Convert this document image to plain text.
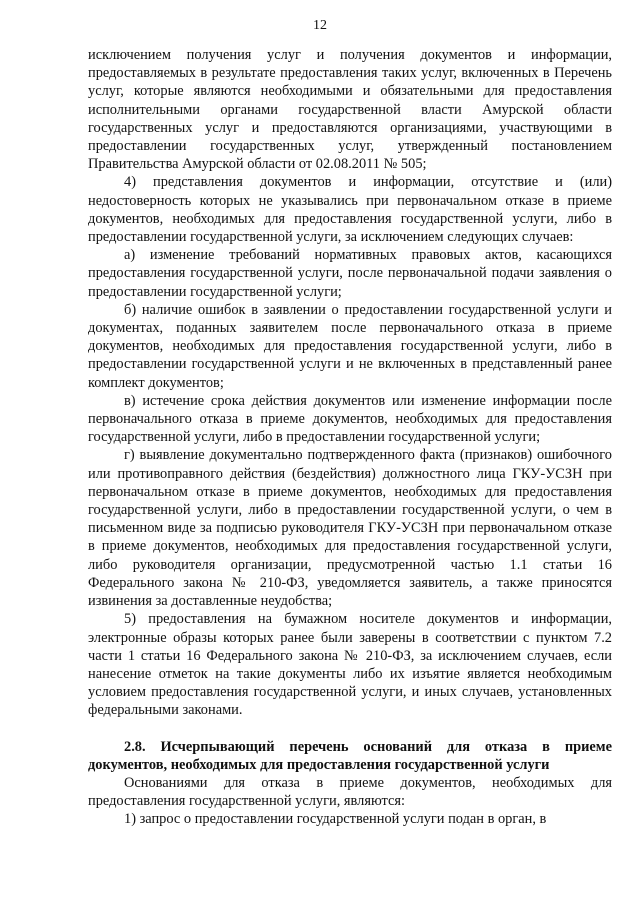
12

исключением получения услуг и получения документов и информации, предоставляемых в результате предоставления таких услуг, включенных в Перечень услуг, которые являются необходимыми и обязательными для предоставления исполнительными органами государственной власти Амурской области государственных услуг и предоставляются организациями, участвующими в предоставлении государственных услуг, утвержденный постановлением Правительства Амурской области от 02.08.2011 № 505;

4) представления документов и информации, отсутствие и (или) недостоверность которых не указывались при первоначальном отказе в приеме документов, необходимых для предоставления государственной услуги, либо в предоставлении государственной услуги, за исключением следующих случаев:

а) изменение требований нормативных правовых актов, касающихся предоставления государственной услуги, после первоначальной подачи заявления о предоставлении государственной услуги;

б) наличие ошибок в заявлении о предоставлении государственной услуги и документах, поданных заявителем после первоначального отказа в приеме документов, необходимых для предоставления государственной услуги, либо в предоставлении государственной услуги и не включенных в представленный ранее комплект документов;

в) истечение срока действия документов или изменение информации после первоначального отказа в приеме документов, необходимых для предоставления государственной услуги, либо в предоставлении государственной услуги;

г) выявление документально подтвержденного факта (признаков) ошибочного или противоправного действия (бездействия) должностного лица ГКУ-УСЗН при первоначальном отказе в приеме документов, необходимых для предоставления государственной услуги, либо в предоставлении государственной услуги, о чем в письменном виде за подписью руководителя ГКУ-УСЗН при первоначальном отказе в приеме документов, необходимых для предоставления государственной услуги, либо руководителя организации, предусмотренной частью 1.1 статьи 16 Федерального закона № 210-ФЗ, уведомляется заявитель, а также приносятся извинения за доставленные неудобства;

5) предоставления на бумажном носителе документов и информации, электронные образы которых ранее были заверены в соответствии с пунктом 7.2 части 1 статьи 16 Федерального закона № 210-ФЗ, за исключением случаев, если нанесение отметок на такие документы либо их изъятие является необходимым условием предоставления государственной услуги, и иных случаев, установленных федеральными законами.

2.8. Исчерпывающий перечень оснований для отказа в приеме документов, необходимых для предоставления государственной услуги

Основаниями для отказа в приеме документов, необходимых для предоставления государственной услуги, являются:

1) запрос о предоставлении государственной услуги подан в орган, в
